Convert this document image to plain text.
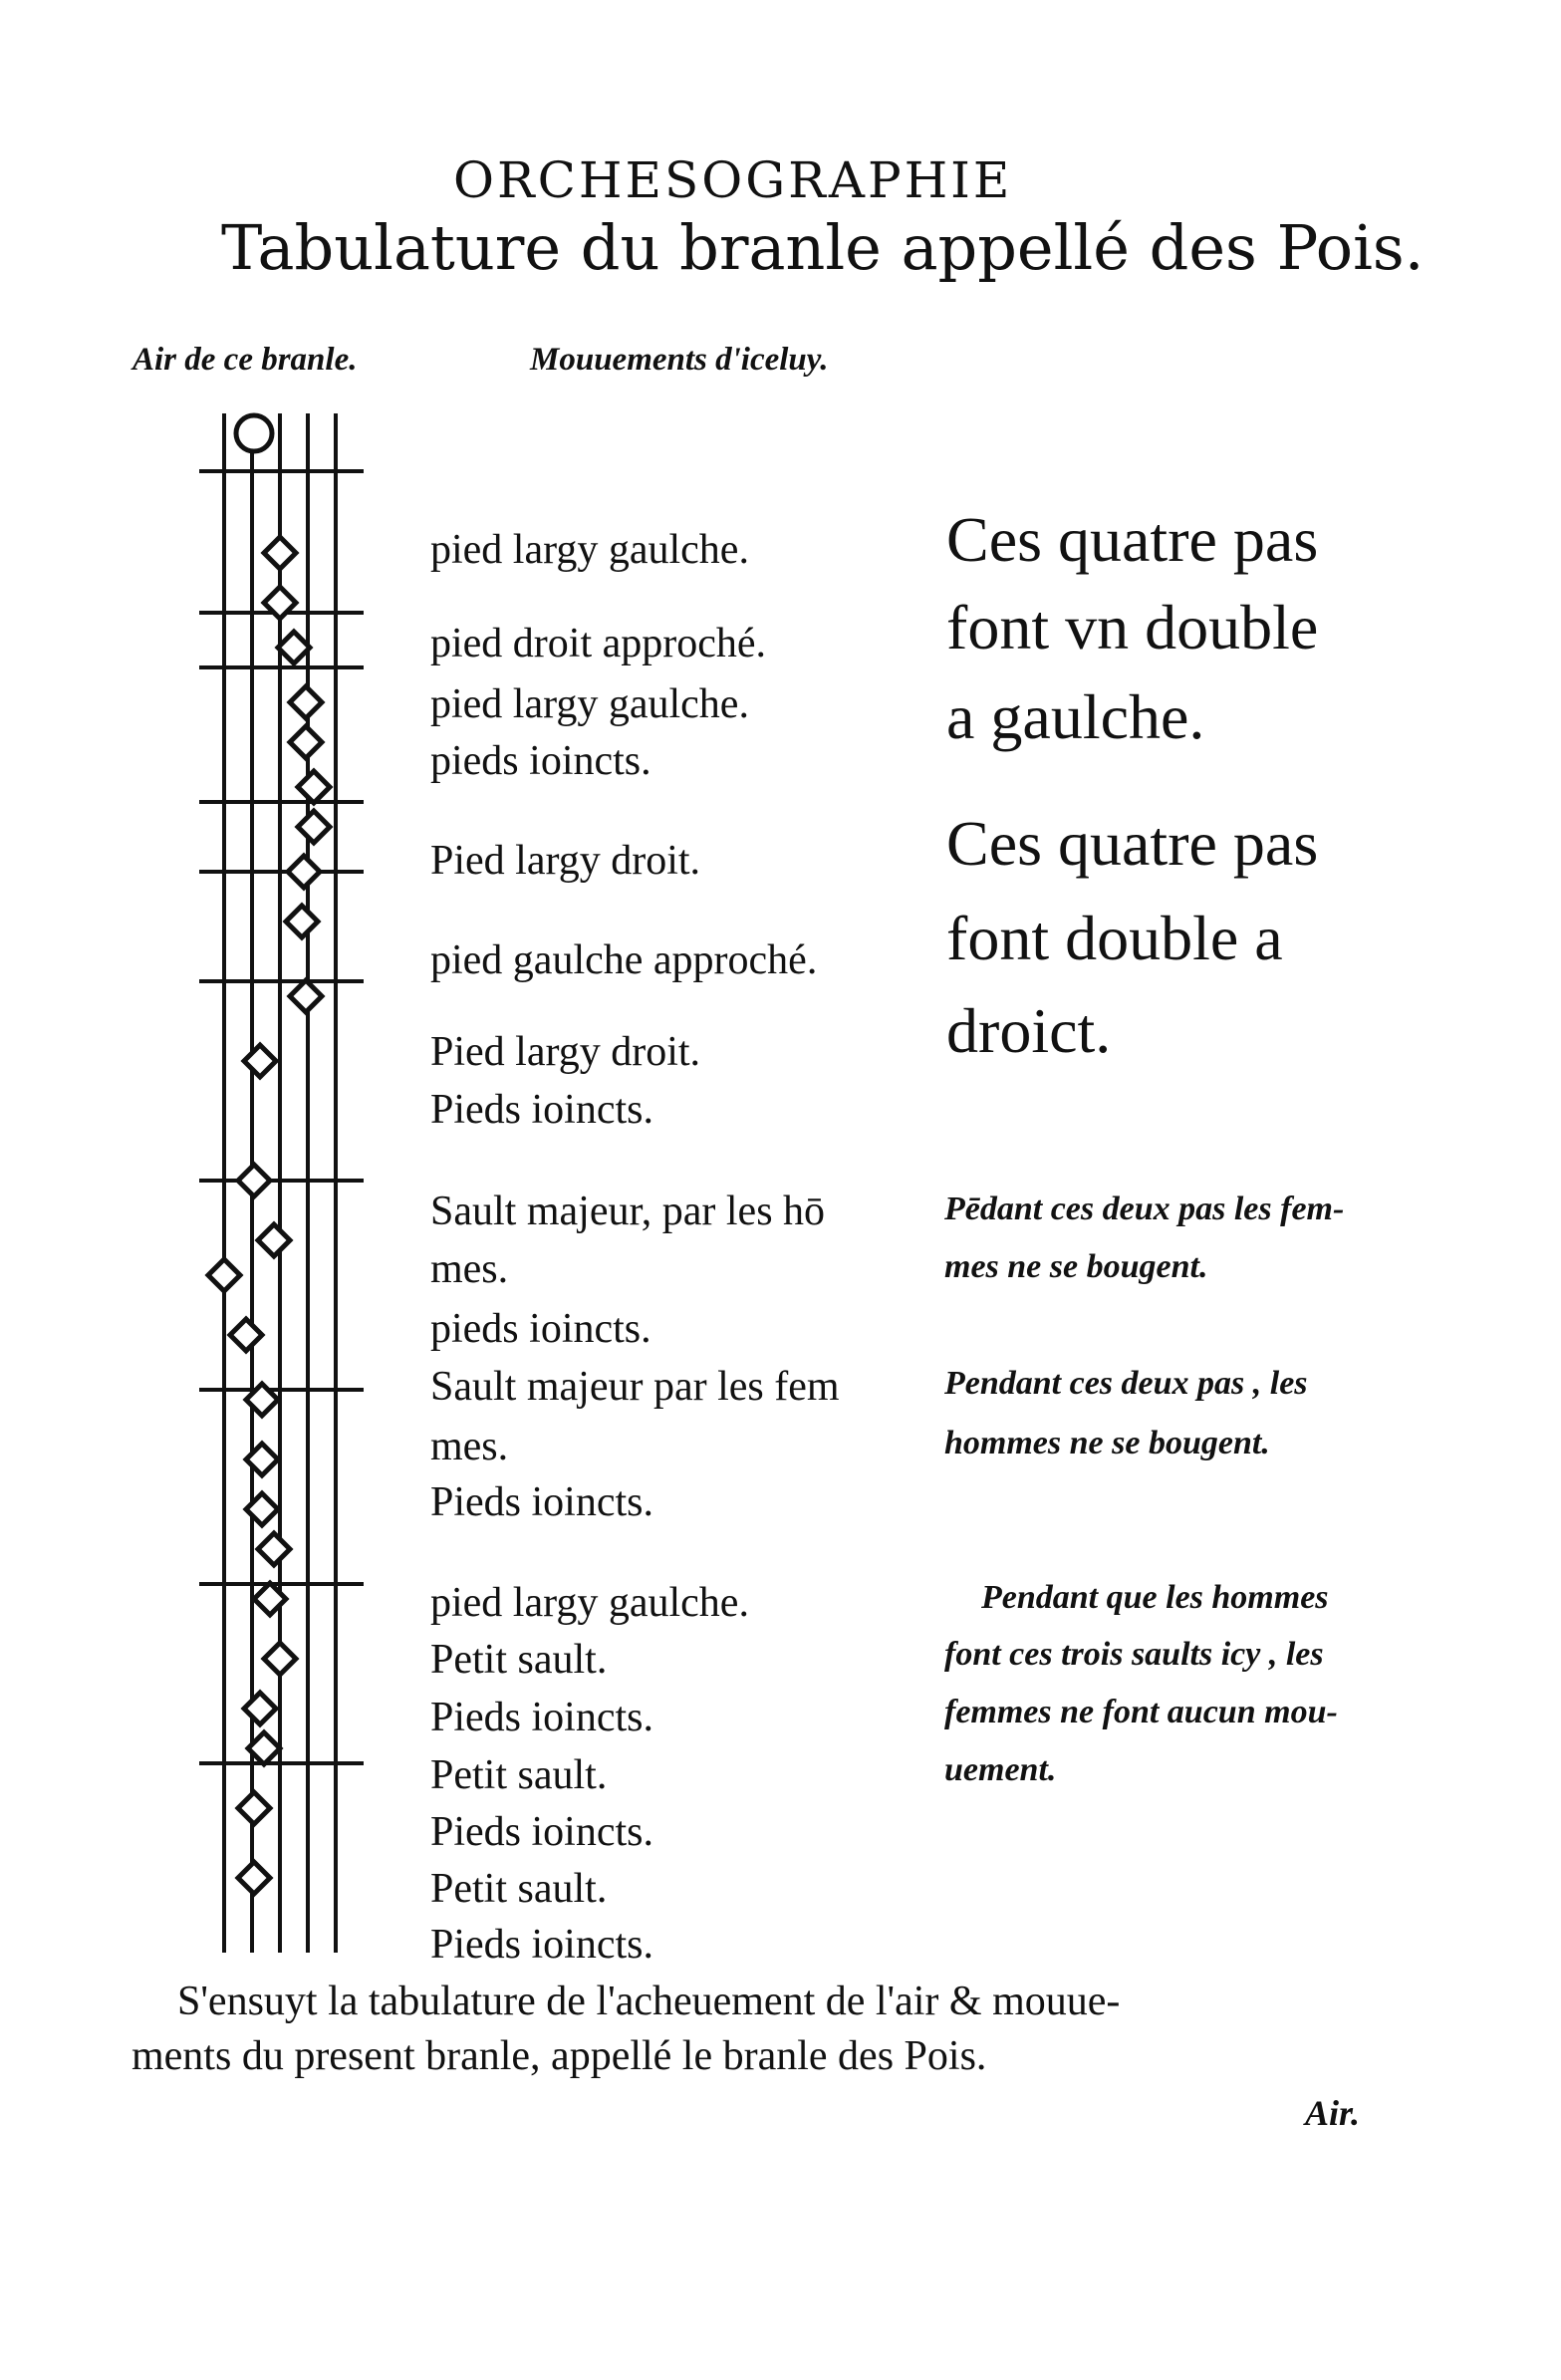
ORCHESOGRAPHIE
Tabulature du branle appellé des Pois.
Air de ce branle.	Mouuements d'iceluy.
pied largy gaulche.
pied droit approché.
pied largy gaulche.
pieds ioincts.
Pied largy droit.
pied gaulche approché.
Pied largy droit.
Pieds ioincts.
Sault majeur, par les hō
mes.
pieds ioincts.
Sault majeur par les fem
mes.
Pieds ioincts.
pied largy gaulche.
Petit sault.
Pieds ioincts.
Petit sault.
Pieds ioincts.
Petit sault.
Pieds ioincts.
Ces quatre pas
font vn double
a gaulche.
Ces quatre pas
font double a
droict.
Pēdant ces deux pas les fem-
mes ne se bougent.
Pendant ces deux pas , les
hommes ne se bougent.
Pendant que les hommes
font ces trois saults icy , les
femmes ne font aucun mou-
uement.
S'ensuyt la tabulature de l'acheuement de l'air & mouue-
ments du present branle, appellé le branle des Pois.
Air.
